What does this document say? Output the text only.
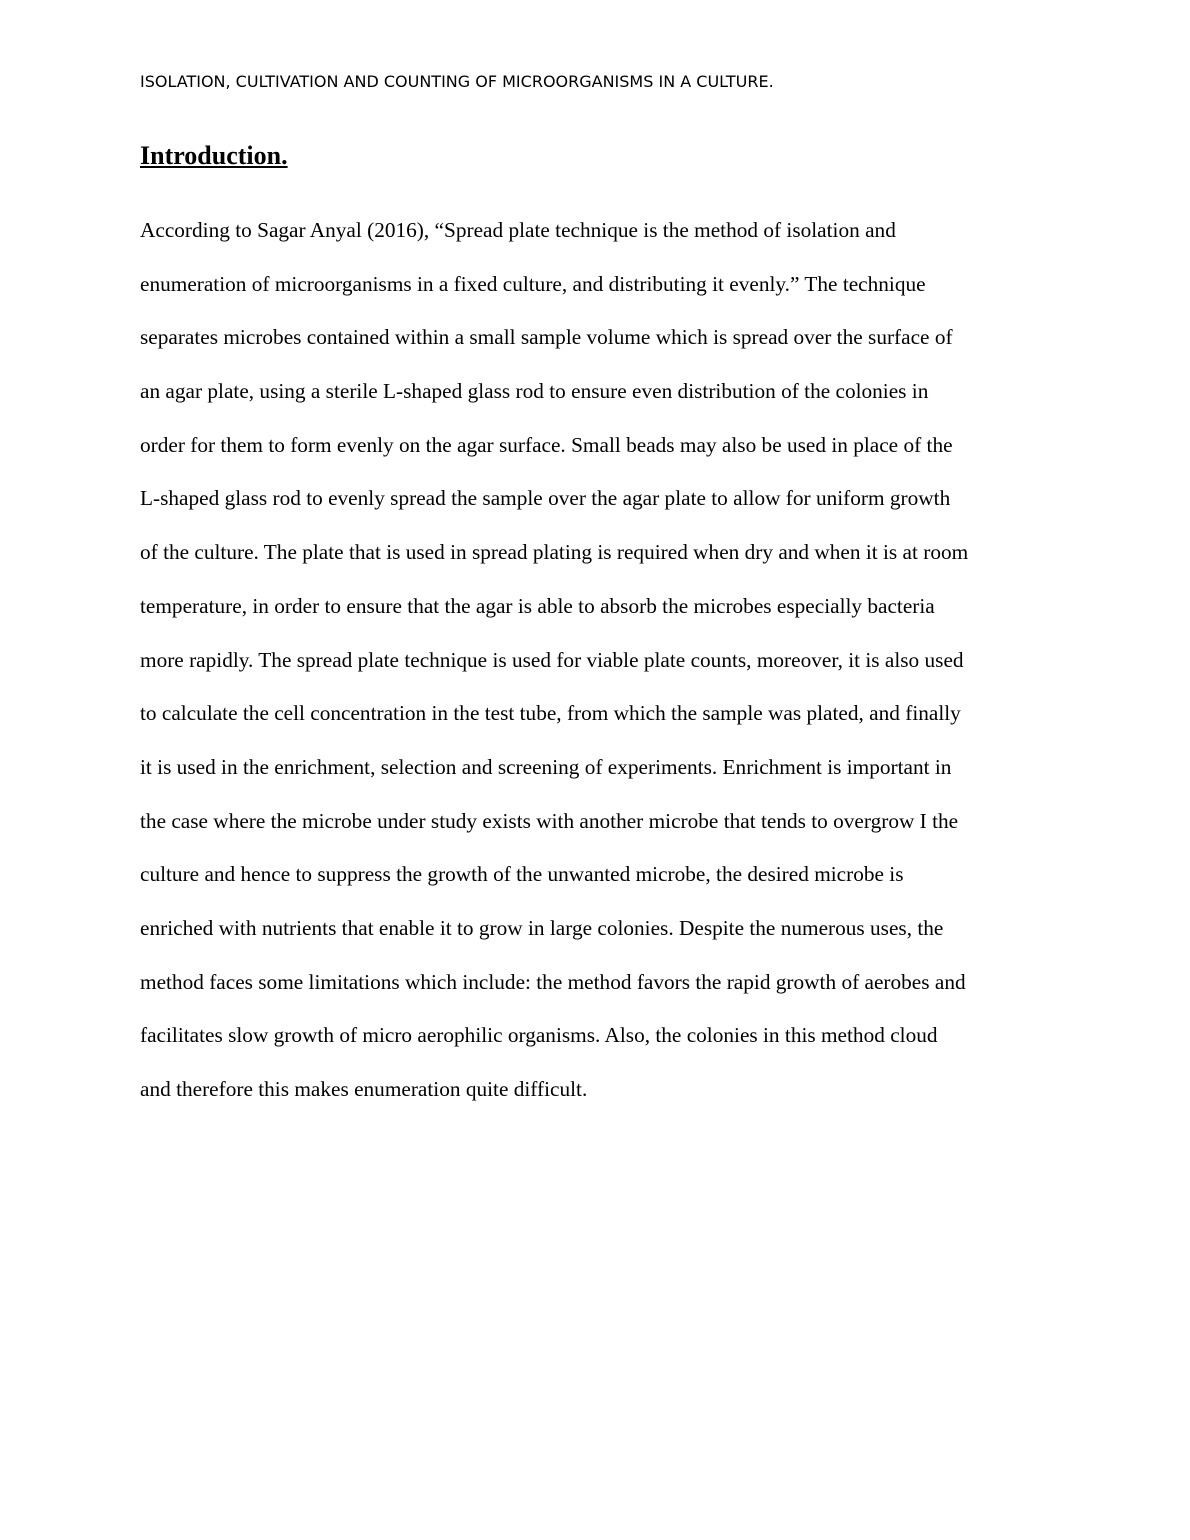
ISOLATION, CULTIVATION AND COUNTING OF MICROORGANISMS IN A CULTURE.
Introduction.
According to Sagar Anyal (2016), “Spread plate technique is the method of isolation and
enumeration of microorganisms in a fixed culture, and distributing it evenly.” The technique
separates microbes contained within a small sample volume which is spread over the surface of
an agar plate, using a sterile L-shaped glass rod to ensure even distribution of the colonies in
order for them to form evenly on the agar surface. Small beads may also be used in place of the
L-shaped glass rod to evenly spread the sample over the agar plate to allow for uniform growth
of the culture. The plate that is used in spread plating is required when dry and when it is at room
temperature, in order to ensure that the agar is able to absorb the microbes especially bacteria
more rapidly. The spread plate technique is used for viable plate counts, moreover, it is also used
to calculate the cell concentration in the test tube, from which the sample was plated, and finally
it is used in the enrichment, selection and screening of experiments. Enrichment is important in
the case where the microbe under study exists with another microbe that tends to overgrow I the
culture and hence to suppress the growth of the unwanted microbe, the desired microbe is
enriched with nutrients that enable it to grow in large colonies. Despite the numerous uses, the
method faces some limitations which include: the method favors the rapid growth of aerobes and
facilitates slow growth of micro aerophilic organisms. Also, the colonies in this method cloud
and therefore this makes enumeration quite difficult.
